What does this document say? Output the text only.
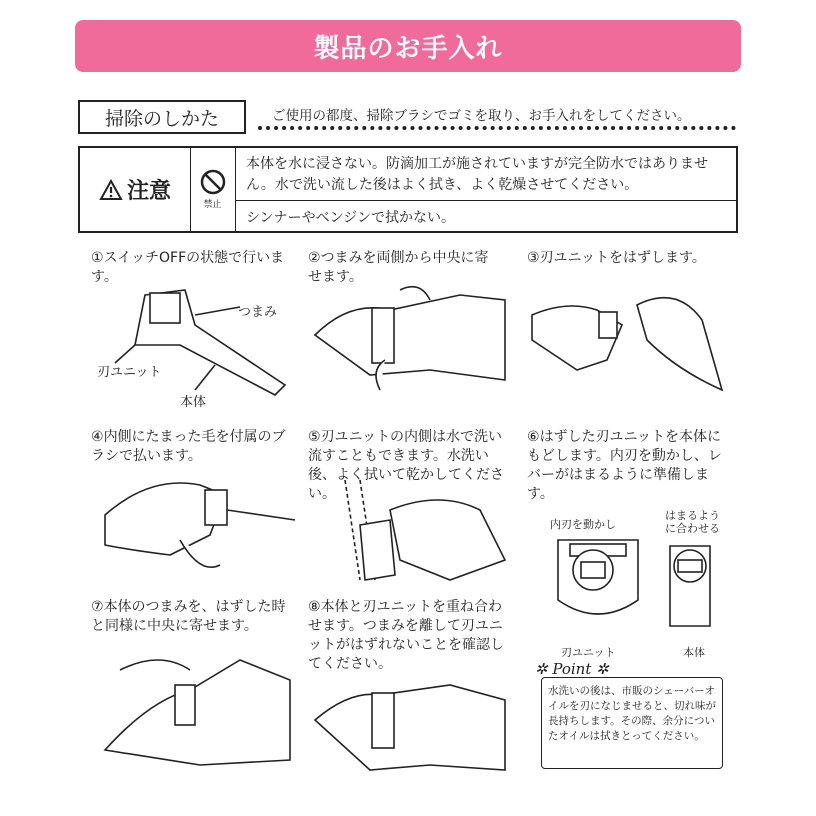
製品のお手入れ
掃除のしかた	ご使用の都度、掃除ブラシでゴミを取り、お手入れをしてください。
注意
禁止
本体を水に浸さない。防滴加工が施されていますが完全防水ではありません。水で洗い流した後はよく拭き、よく乾燥させてください。
シンナーやベンジンで拭かない。
①スイッチOFFの状態で行います。
つまみ
刃ユニット
本体
②つまみを両側から中央に寄せます。
③刃ユニットをはずします。
④内側にたまった毛を付属のブラシで払います。
⑤刃ユニットの内側は水で洗い流すこともできます。水洗い後、よく拭いて乾かしてください。
⑥はずした刃ユニットを本体にもどします。内刃を動かし、レバーがはまるように準備します。
内刃を動かし
はまるように合わせる
刃ユニット	本体
⑦本体のつまみを、はずした時と同様に中央に寄せます。
⑧本体と刃ユニットを重ね合わせます。つまみを離して刃ユニットがはずれないことを確認してください。	✲ Point ✲
水洗いの後は、市販のシェーバーオイルを刃になじませると、切れ味が長持ちします。その際、余分についたオイルは拭きとってください。
